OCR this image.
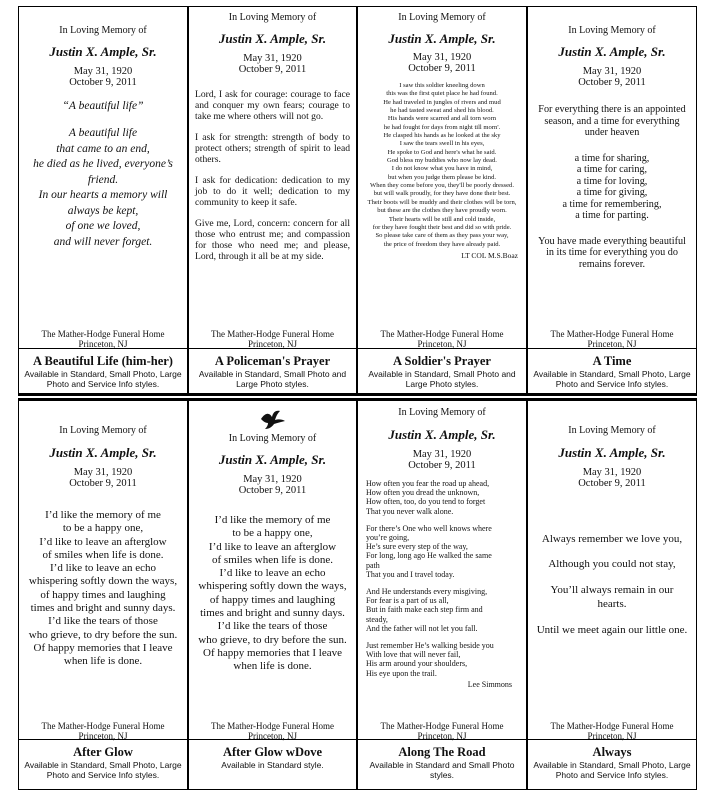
In Loving Memory of
Justin X. Ample, Sr.
May 31, 1920
October 9, 2011
“A beautiful life”
A beautiful life
that came to an end,
he died as he lived, everyone’s
friend.
In our hearts a memory will
always be kept,
of one we loved,
and will never forget.
The Mather-Hodge Funeral Home
Princeton, NJ
A Beautiful Life (him-her)
Available in Standard, Small Photo, Large Photo and Service Info styles.
In Loving Memory of
Justin X. Ample, Sr.
May 31, 1920
October 9, 2011

Lord, I ask for courage: courage to face and conquer my own fears; courage to take me where others will not go.

I ask for strength: strength of body to protect others; strength of spirit to lead others.

I ask for dedication: dedication to my job to do it well; dedication to my community to keep it safe.

Give me, Lord, concern: concern for all those who entrust me; and compassion for those who need me; and please, Lord, through it all be at my side.

The Mather-Hodge Funeral Home
Princeton, NJ
A Policeman's Prayer
Available in Standard, Small Photo and Large Photo styles.
In Loving Memory of
Justin X. Ample, Sr.
May 31, 1920
October 9, 2011
I saw this soldier kneeling down
this was the first quiet place he had found.
He had traveled in jungles of rivers and mud
he had tasted sweat and shed his blood.
His hands were scarred and all torn worn
he had fought for days from night till morn'.
He clasped his hands as he looked at the sky
I saw the tears swell in his eyes,
He spoke to God and here's what he said.
God bless my buddies who now lay dead.
I do not know what you have in mind,
but when you judge them please be kind.
When they come before you, they'll be poorly dressed.
but will walk proudly, for they have done their best.
Their boots will be muddy and their clothes will be torn,
but these are the clothes they have proudly worn.
Their hearts will be still and cold inside,
for they have fought their best and did so with pride.
So please take care of them as they pass your way,
the price of freedom they have already paid.
LT COL M.S.Boaz
The Mather-Hodge Funeral Home
Princeton, NJ
A Soldier's Prayer
Available in Standard, Small Photo and Large Photo styles.
In Loving Memory of
Justin X. Ample, Sr.
May 31, 1920
October 9, 2011
For everything there is an appointed season, and a time for everything under heaven
a time for sharing,
a time for caring,
a time for loving,
a time for giving,
a time for remembering,
a time for parting.
You have made everything beautiful in its time for everything you do remains forever.
The Mather-Hodge Funeral Home
Princeton, NJ
A Time
Available in Standard, Small Photo, Large Photo and Service Info styles.
In Loving Memory of
Justin X. Ample, Sr.
May 31, 1920
October 9, 2011
I’d like the memory of me
to be a happy one,
I’d like to leave an afterglow
of smiles when life is done.
I’d like to leave an echo
whispering softly down the ways,
of happy times and laughing
times and bright and sunny days.
I’d like the tears of those
who grieve, to dry before the sun.
Of happy memories that I leave
when life is done.
The Mather-Hodge Funeral Home
Princeton, NJ
After Glow
Available in Standard, Small Photo, Large Photo and Service Info styles.
In Loving Memory of
Justin X. Ample, Sr.
May 31, 1920
October 9, 2011
I’d like the memory of me
to be a happy one,
I’d like to leave an afterglow
of smiles when life is done.
I’d like to leave an echo
whispering softly down the ways,
of happy times and laughing
times and bright and sunny days.
I’d like the tears of those
who grieve, to dry before the sun.
Of happy memories that I leave
when life is done.
The Mather-Hodge Funeral Home
Princeton, NJ
After Glow wDove
Available in Standard style.
In Loving Memory of
Justin X. Ample, Sr.
May 31, 1920
October 9, 2011

How often you fear the road up ahead,
How often you dread the unknown,
How often, too, do you tend to forget
That you never walk alone.

For there’s One who well knows where
you’re going,
He’s sure every step of the way,
For long, long ago He walked the same
path
That you and I travel today.

And He understands every misgiving,
For fear is a part of us all,
But in faith make each step firm and
steady,
And the father will not let you fall.

Just remember He’s walking beside you
With love that will never fail,
His arm around your shoulders,
His eye upon the trail.

Lee Simmons

The Mather-Hodge Funeral Home
Princeton, NJ
Along The Road
Available in Standard and Small Photo styles.
In Loving Memory of
Justin X. Ample, Sr.
May 31, 1920
October 9, 2011
Always remember we love you,
Although you could not stay,
You’ll always remain in our hearts.
Until we meet again our little one.
The Mather-Hodge Funeral Home
Princeton, NJ
Always
Available in Standard, Small Photo, Large Photo and Service Info styles.
